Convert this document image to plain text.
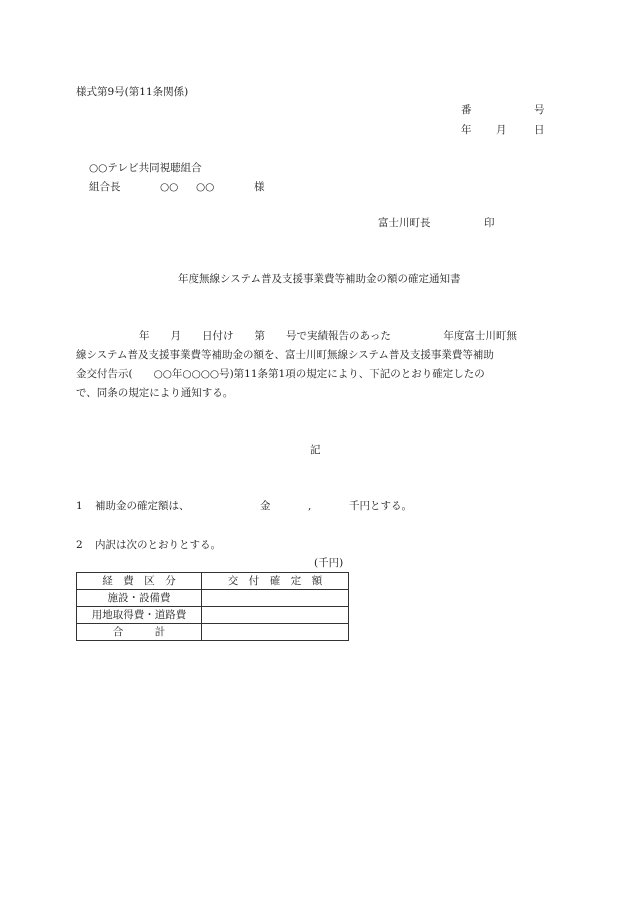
様式第9号(第11条関係)
番	号
年 月	日
○○テレビ共同視聴組合
組合長	○○ ○○	様
富士川町長	印
年度無線システム普及支援事業費等補助金の額の確定通知書
　　　　　　年　　月　　日付け　　第　　号で実績報告のあった　　　　　年度富士川町無
線システム普及支援事業費等補助金の額を、富士川町無線システム普及支援事業費等補助
金交付告示(　　○○年○○○○号)第11条第1項の規定により、下記のとおり確定したの
で、同条の規定により通知する。
記
1 補助金の確定額は、	金	,	千円とする。
2 内訳は次のとおりとする。
(千円)
経　費　区　分	交　付　確　定　額
施設・設備費	
用地取得費・道路費	
合　　　計	
